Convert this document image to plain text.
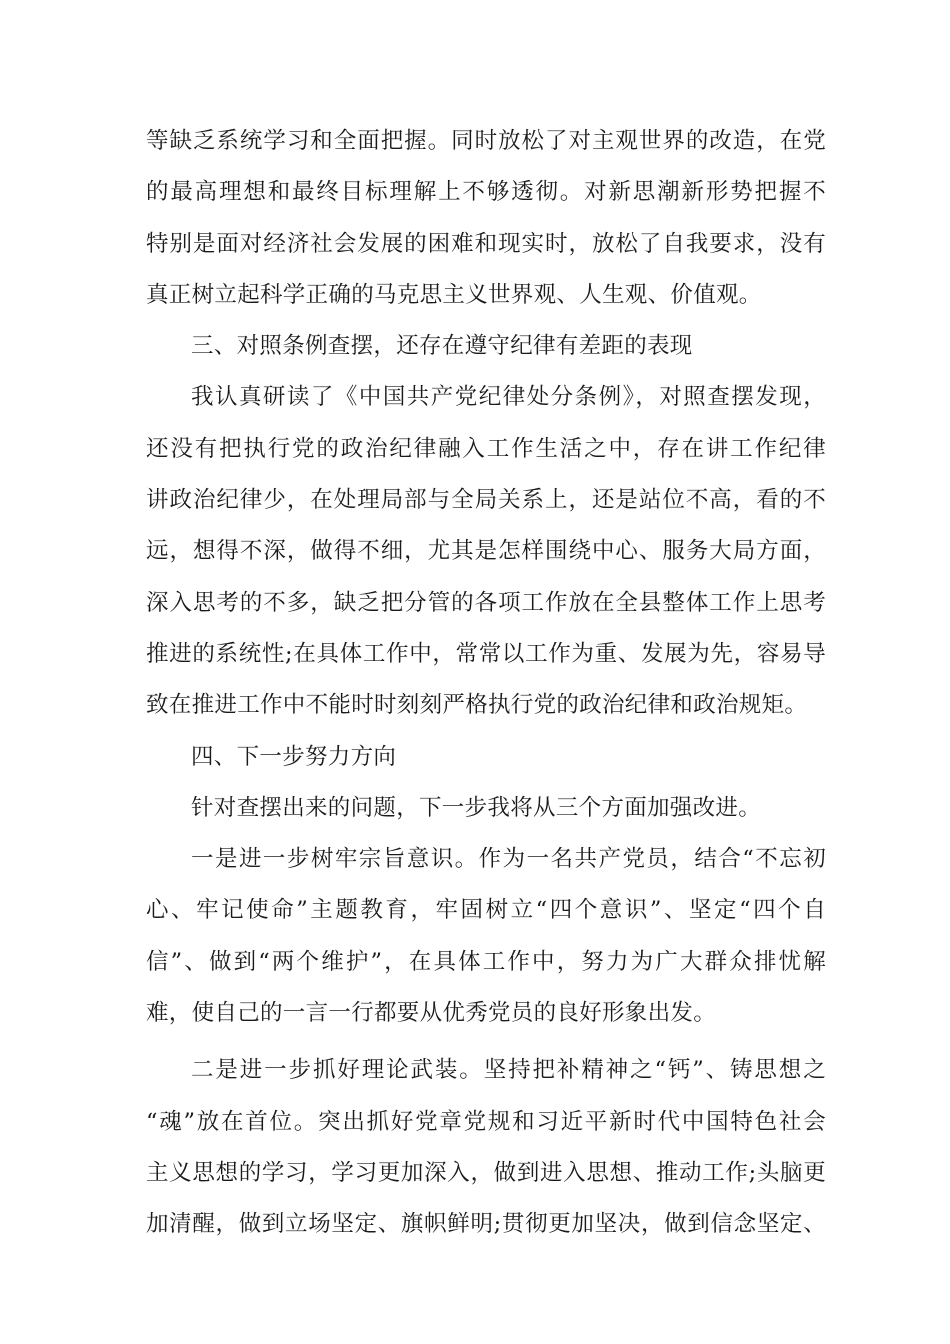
等缺乏系统学习和全面把握。同时放松了对主观世界的改造，在党
的最高理想和最终目标理解上不够透彻。对新思潮新形势把握不
特别是面对经济社会发展的困难和现实时，放松了自我要求，没有
真正树立起科学正确的马克思主义世界观、人生观、价值观。
三、对照条例查摆，还存在遵守纪律有差距的表现
我认真研读了《中国共产党纪律处分条例》，对照查摆发现，
还没有把执行党的政治纪律融入工作生活之中，存在讲工作纪律
讲政治纪律少，在处理局部与全局关系上，还是站位不高，看的不
远，想得不深，做得不细，尤其是怎样围绕中心、服务大局方面，
深入思考的不多，缺乏把分管的各项工作放在全县整体工作上思考
推进的系统性;在具体工作中，常常以工作为重、发展为先，容易导
致在推进工作中不能时时刻刻严格执行党的政治纪律和政治规矩。
四、下一步努力方向
针对查摆出来的问题，下一步我将从三个方面加强改进。
一是进一步树牢宗旨意识。作为一名共产党员，结合“不忘初
心、牢记使命”主题教育，牢固树立“四个意识”、坚定“四个自
信”、做到“两个维护”，在具体工作中，努力为广大群众排忧解
难，使自己的一言一行都要从优秀党员的良好形象出发。
二是进一步抓好理论武装。坚持把补精神之“钙”、铸思想之
“魂”放在首位。突出抓好党章党规和习近平新时代中国特色社会
主义思想的学习，学习更加深入，做到进入思想、推动工作;头脑更
加清醒，做到立场坚定、旗帜鲜明;贯彻更加坚决，做到信念坚定、
